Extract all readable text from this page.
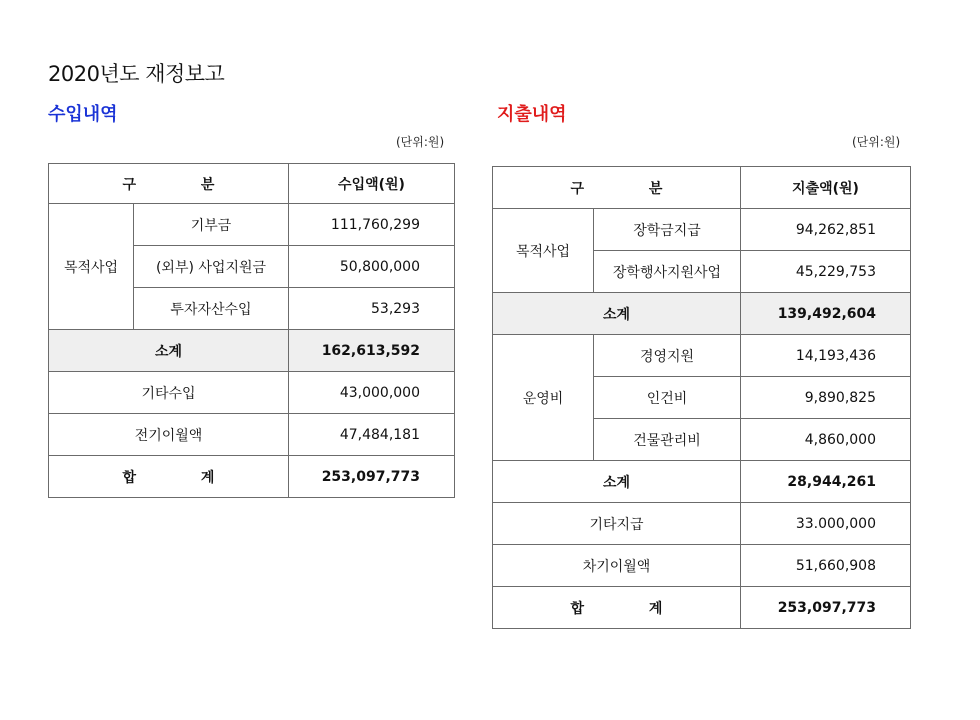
2020년도 재정보고
수입내역	지출내역
(단위:원)	(단위:원)
구 분		수입액(원)
목적사업	기부금	111,760,299
	(외부) 사업지원금	50,800,000
	투자자산수입	53,293
소계		162,613,592
기타수입		43,000,000
전기이월액		47,484,181
합 계		253,097,773
구 분		지출액(원)
목적사업	장학금지급	94,262,851
	장학행사지원사업	45,229,753
소계		139,492,604
운영비	경영지원	14,193,436
	인건비	9,890,825
	건물관리비	4,860,000
소계		28,944,261
기타지급		33.000,000
차기이월액		51,660,908
합 계		253,097,773
